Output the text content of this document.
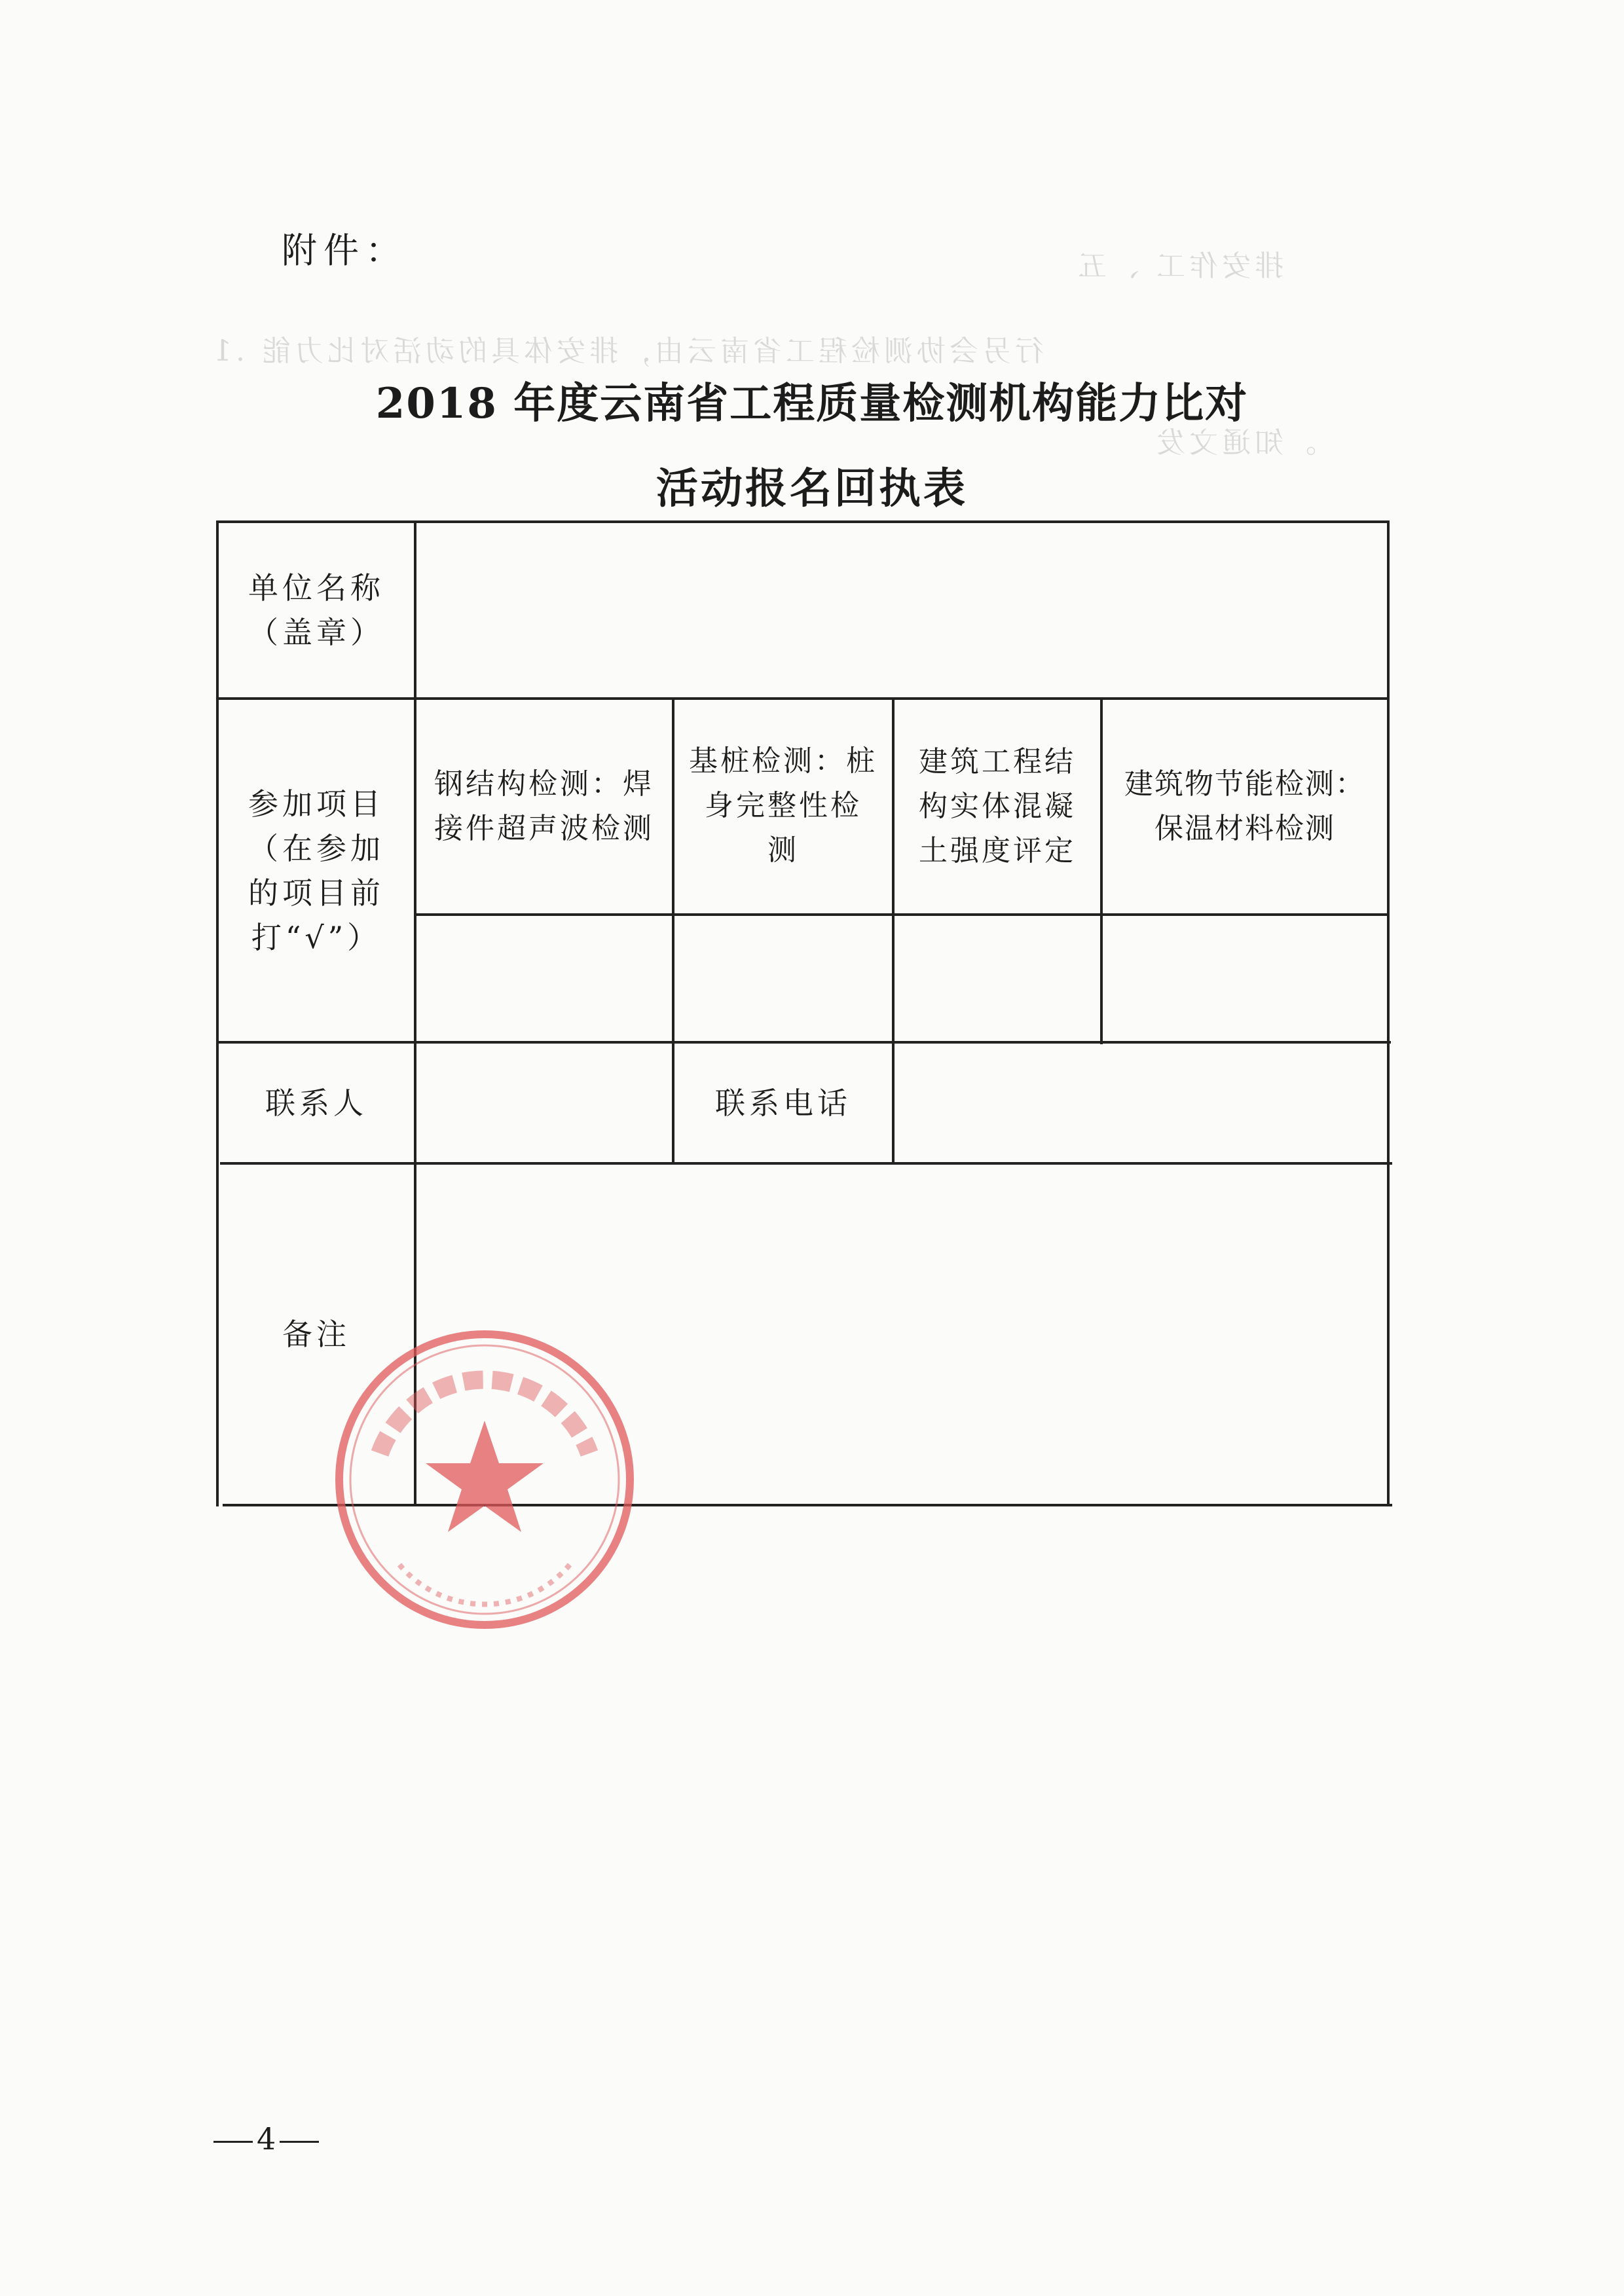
附件：
2018 年度云南省工程质量检测机构能力比对
活动报名回执表
排安作工 、五
行另会协测检程工省南云由，排安体具的动活对比力能 .1
。知通文发
单位名称
（盖章）
参加项目
（在参加
的项目前
打“√”）
钢结构检测：焊
接件超声波检测
基桩检测：桩
身完整性检
测
建筑工程结
构实体混凝
土强度评定
建筑物节能检测：
保温材料检测
联系人	联系电话
备注
4
